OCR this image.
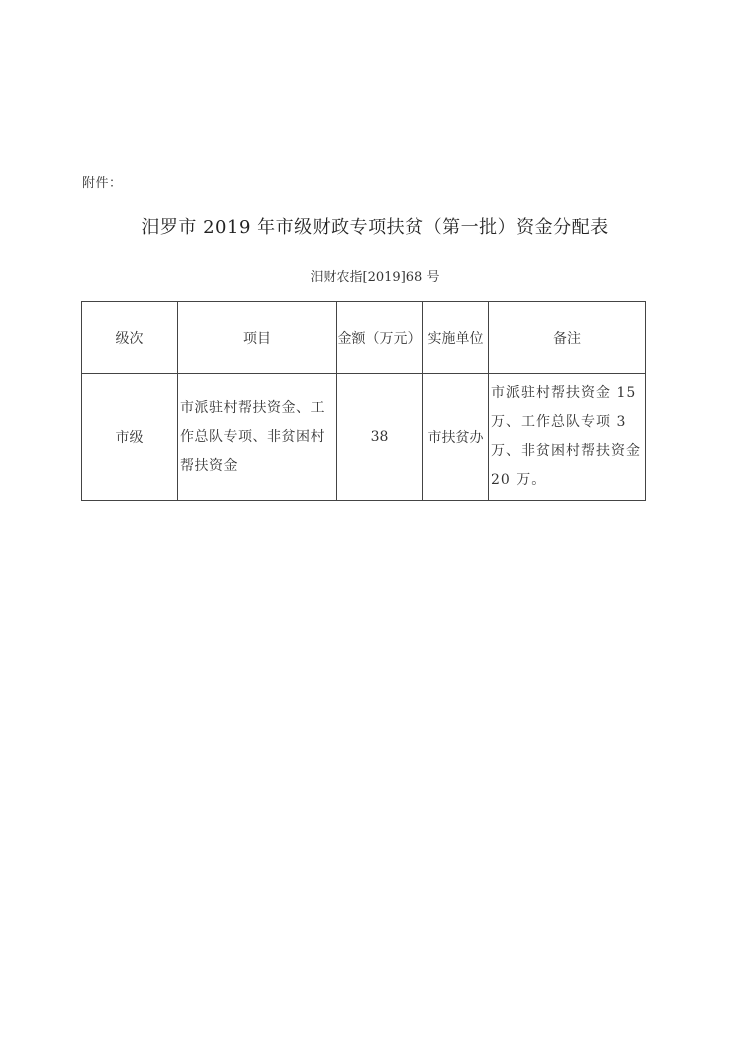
附件：
汨罗市 2019 年市级财政专项扶贫（第一批）资金分配表
汨财农指[2019]68 号
级次	项目	金额（万元）	实施单位	备注
市级	市派驻村帮扶资金、工作总队专项、非贫困村帮扶资金	38	市扶贫办	市派驻村帮扶资金 15 万、工作总队专项 3 万、非贫困村帮扶资金 20 万。
